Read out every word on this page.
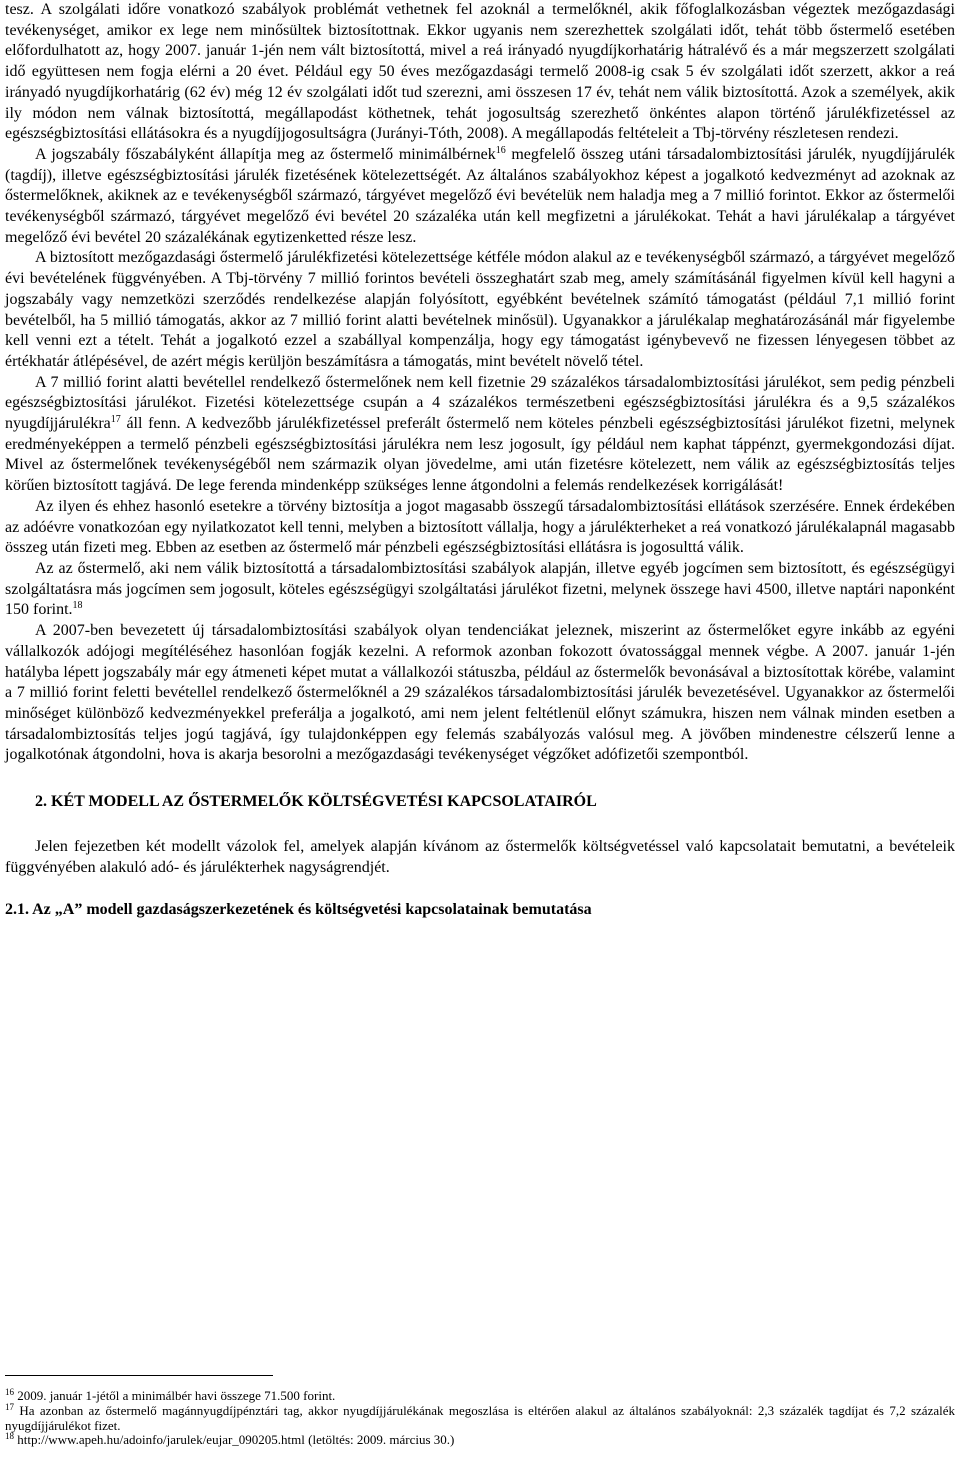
tesz. A szolgálati időre vonatkozó szabályok problémát vethetnek fel azoknál a termelőknél, akik főfoglalkozásban végeztek mezőgazdasági tevékenységet, amikor ex lege nem minősültek biztosítottnak. Ekkor ugyanis nem szerezhettek szolgálati időt, tehát több őstermelő esetében előfordulhatott az, hogy 2007. január 1-jén nem vált biztosítottá, mivel a reá irányadó nyugdíjkorhatárig hátralévő és a már megszerzett szolgálati idő együttesen nem fogja elérni a 20 évet. Például egy 50 éves mezőgazdasági termelő 2008-ig csak 5 év szolgálati időt szerzett, akkor a reá irányadó nyugdíjkorhatárig (62 év) még 12 év szolgálati időt tud szerezni, ami összesen 17 év, tehát nem válik biztosítottá. Azok a személyek, akik ily módon nem válnak biztosítottá, megállapodást köthetnek, tehát jogosultság szerezhető önkéntes alapon történő járulékfizetéssel az egészségbiztosítási ellátásokra és a nyugdíjjogosultságra (Jurányi-Tóth, 2008). A megállapodás feltételeit a Tbj-törvény részletesen rendezi.

A jogszabály főszabályként állapítja meg az őstermelő minimálbérnek$^{16}$ megfelelő összeg utáni társadalombiztosítási járulék, nyugdíjjárulék (tagdíj), illetve egészségbiztosítási járulék fizetésének kötelezettségét. Az általános szabályokhoz képest a jogalkotó kedvezményt ad azoknak az őstermelőknek, akiknek az e tevékenységből származó, tárgyévet megelőző évi bevételük nem haladja meg a 7 millió forintot. Ekkor az őstermelői tevékenységből származó, tárgyévet megelőző évi bevétel 20 százaléka után kell megfizetni a járulékokat. Tehát a havi járulékalap a tárgyévet megelőző évi bevétel 20 százalékának egytizenketted része lesz.

A biztosított mezőgazdasági őstermelő járulékfizetési kötelezettsége kétféle módon alakul az e tevékenységből származó, a tárgyévet megelőző évi bevételének függvényében. A Tbj-törvény 7 millió forintos bevételi összeghatárt szab meg, amely számításánál figyelmen kívül kell hagyni a jogszabály vagy nemzetközi szerződés rendelkezése alapján folyósított, egyébként bevételnek számító támogatást (például 7,1 millió forint bevételből, ha 5 millió támogatás, akkor az 7 millió forint alatti bevételnek minősül). Ugyanakkor a járulékalap meghatározásánál már figyelembe kell venni ezt a tételt. Tehát a jogalkotó ezzel a szabállyal kompenzálja, hogy egy támogatást igénybevevő ne fizessen lényegesen többet az értékhatár átlépésével, de azért mégis kerüljön beszámításra a támogatás, mint bevételt növelő tétel.

A 7 millió forint alatti bevétellel rendelkező őstermelőnek nem kell fizetnie 29 százalékos társadalombiztosítási járulékot, sem pedig pénzbeli egészségbiztosítási járulékot. Fizetési kötelezettsége csupán a 4 százalékos természetbeni egészségbiztosítási járulékra és a 9,5 százalékos nyugdíjjárulékra$^{17}$ áll fenn. A kedvezőbb járulékfizetéssel preferált őstermelő nem köteles pénzbeli egészségbiztosítási járulékot fizetni, melynek eredményeképpen a termelő pénzbeli egészségbiztosítási járulékra nem lesz jogosult, így például nem kaphat táppénzt, gyermekgondozási díjat. Mivel az őstermelőnek tevékenységéből nem származik olyan jövedelme, ami után fizetésre kötelezett, nem válik az egészségbiztosítás teljes körűen biztosított tagjává. De lege ferenda mindenképp szükséges lenne átgondolni a felemás rendelkezések korrigálását!

Az ilyen és ehhez hasonló esetekre a törvény biztosítja a jogot magasabb összegű társadalombiztosítási ellátások szerzésére. Ennek érdekében az adóévre vonatkozóan egy nyilatkozatot kell tenni, melyben a biztosított vállalja, hogy a járulékterheket a reá vonatkozó járulékalapnál magasabb összeg után fizeti meg. Ebben az esetben az őstermelő már pénzbeli egészségbiztosítási ellátásra is jogosulttá válik.

Az az őstermelő, aki nem válik biztosítottá a társadalombiztosítási szabályok alapján, illetve egyéb jogcímen sem biztosított, és egészségügyi szolgáltatásra más jogcímen sem jogosult, köteles egészségügyi szolgáltatási járulékot fizetni, melynek összege havi 4500, illetve naptári naponként 150 forint.$^{18}$

A 2007-ben bevezetett új társadalombiztosítási szabályok olyan tendenciákat jeleznek, miszerint az őstermelőket egyre inkább az egyéni vállalkozók adójogi megítéléséhez hasonlóan fogják kezelni. A reformok azonban fokozott óvatossággal mennek végbe. A 2007. január 1-jén hatályba lépett jogszabály már egy átmeneti képet mutat a vállalkozói státuszba, például az őstermelők bevonásával a biztosítottak körébe, valamint a 7 millió forint feletti bevétellel rendelkező őstermelőknél a 29 százalékos társadalombiztosítási járulék bevezetésével. Ugyanakkor az őstermelői minőséget különböző kedvezményekkel preferálja a jogalkotó, ami nem jelent feltétlenül előnyt számukra, hiszen nem válnak minden esetben a társadalombiztosítás teljes jogú tagjává, így tulajdonképpen egy felemás szabályozás valósul meg. A jövőben mindenestre célszerű lenne a jogalkotónak átgondolni, hova is akarja besorolni a mezőgazdasági tevékenységet végzőket adófizetői szempontból.

2. KÉT MODELL AZ ŐSTERMELŐK KÖLTSÉGVETÉSI KAPCSOLATAIRÓL

Jelen fejezetben két modellt vázolok fel, amelyek alapján kívánom az őstermelők költségvetéssel való kapcsolatait bemutatni, a bevételeik függvényében alakuló adó- és járulékterhek nagyságrendjét.

2.1. Az „A” modell gazdaságszerkezetének és költségvetési kapcsolatainak bemutatása

$^{16}$ 2009. január 1-jétől a minimálbér havi összege 71.500 forint.

$^{17}$ Ha azonban az őstermelő magánnyugdíjpénztári tag, akkor nyugdíjjárulékának megoszlása is eltérően alakul az általános szabályoknál: 2,3 százalék tagdíjat és 7,2 százalék nyugdíjjárulékot fizet.

$^{18}$ http://www.apeh.hu/adoinfo/jarulek/eujar_090205.html (letöltés: 2009. március 30.)
